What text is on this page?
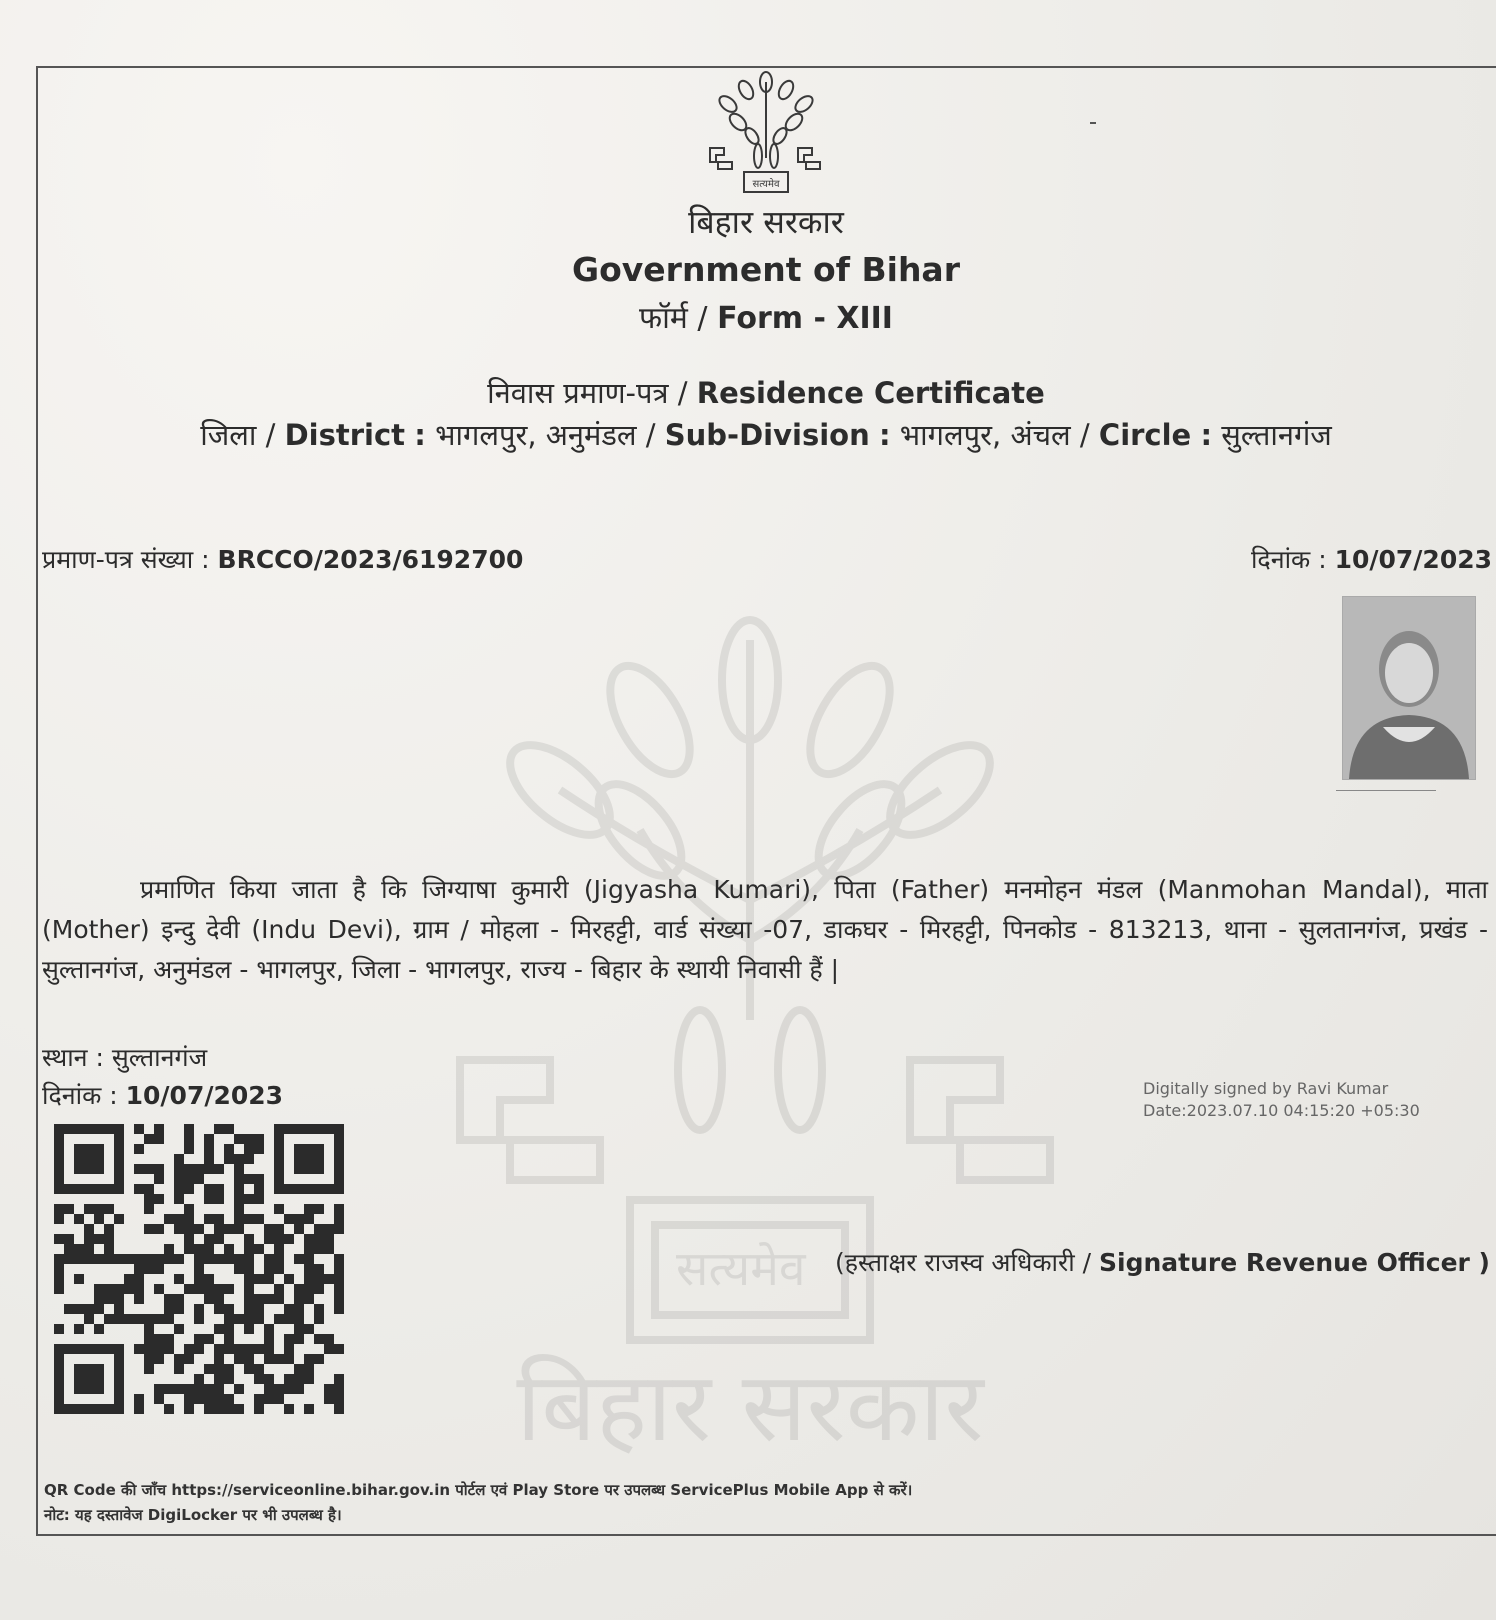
सत्यमेव
बिहार सरकार
सत्यमेव
बिहार सरकार
Government of Bihar
फॉर्म / Form - XIII
निवास प्रमाण-पत्र / Residence Certificate
जिला / District : भागलपुर, अनुमंडल / Sub-Division : भागलपुर, अंचल / Circle : सुल्तानगंज
प्रमाण-पत्र संख्या : BRCCO/2023/6192700	दिनांक : 10/07/2023
प्रमाणित किया जाता है कि जिग्याषा कुमारी (Jigyasha Kumari), पिता (Father) मनमोहन मंडल (Manmohan Mandal), माता (Mother) इन्दु देवी (Indu Devi), ग्राम / मोहला - मिरहट्टी, वार्ड संख्या -07, डाकघर - मिरहट्टी, पिनकोड - 813213, थाना - सुलतानगंज, प्रखंड - सुल्तानगंज, अनुमंडल - भागलपुर, जिला - भागलपुर, राज्य - बिहार के स्थायी निवासी हैं |
स्थान : सुल्तानगंज
दिनांक : 10/07/2023	Digitally signed by Ravi Kumar
Date:2023.07.10 04:15:20 +05:30
(हस्ताक्षर राजस्व अधिकारी / Signature Revenue Officer )
QR Code की जाँच https://serviceonline.bihar.gov.in पोर्टल एवं Play Store पर उपलब्ध ServicePlus Mobile App से करें।
नोट: यह दस्तावेज DigiLocker पर भी उपलब्ध है।
